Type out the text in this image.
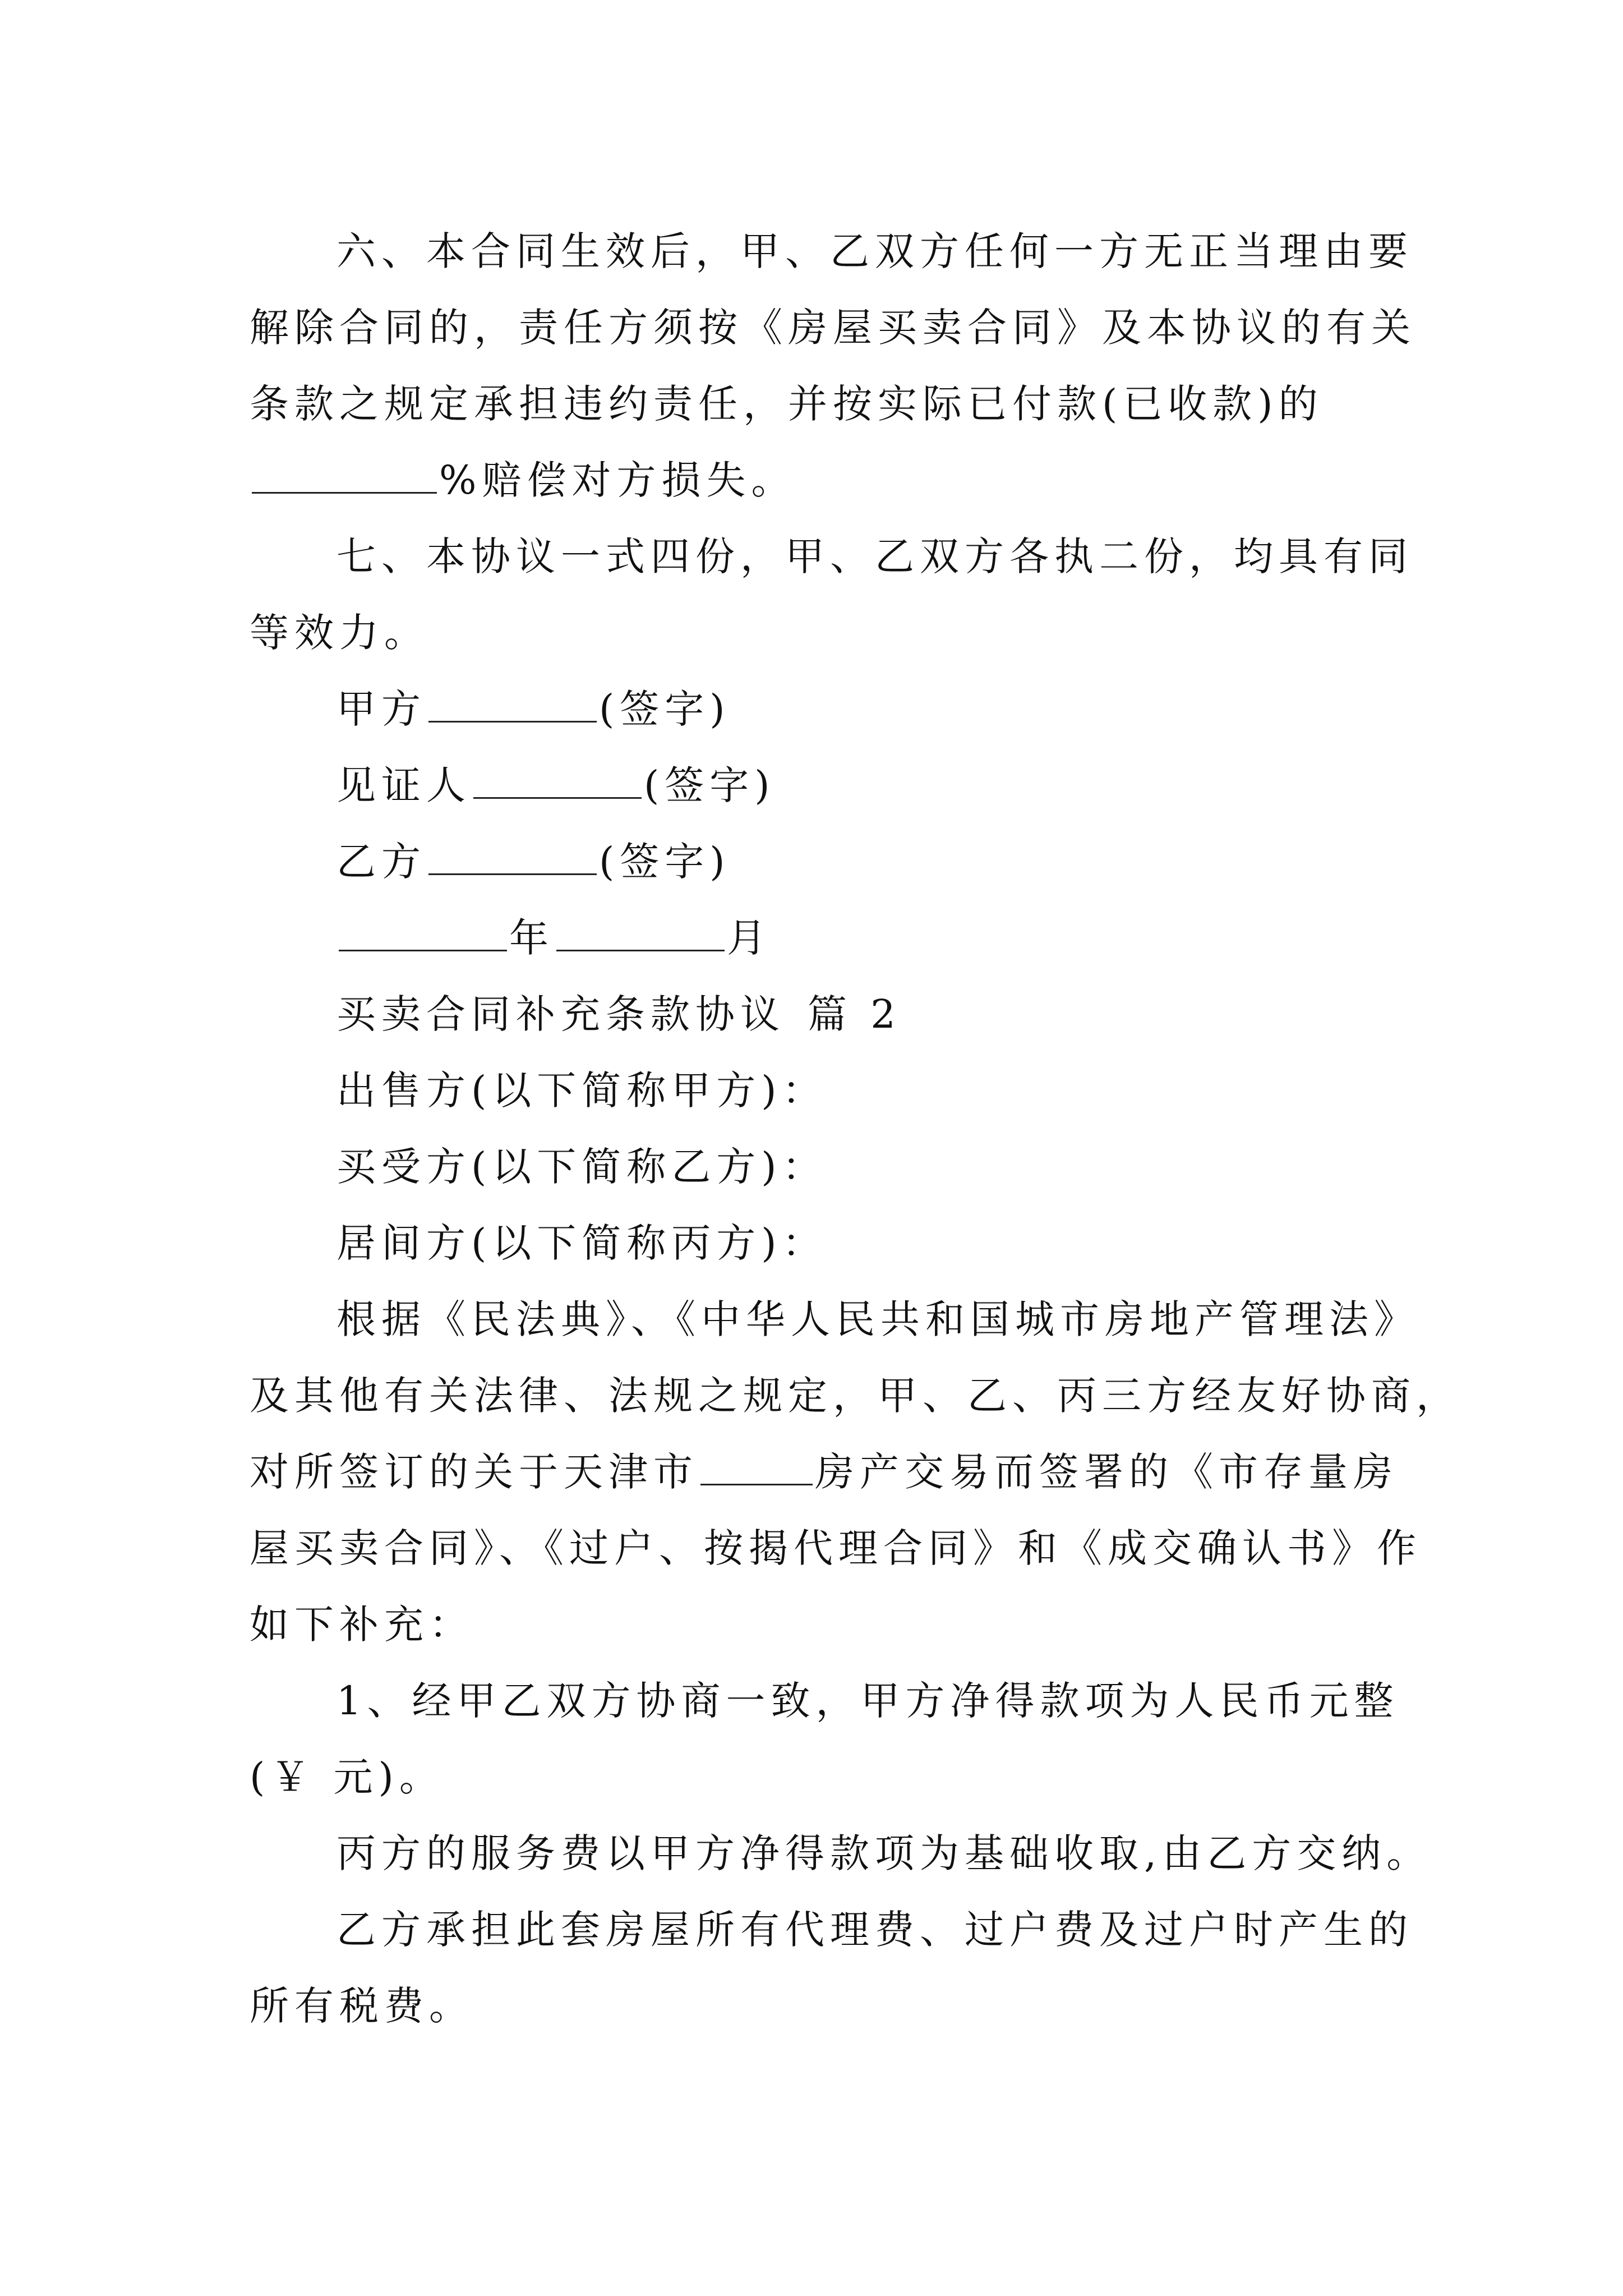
六、本合同生效后，甲、乙双方任何一方无正当理由要
解除合同的，责任方须按《房屋买卖合同》及本协议的有关
条款之规定承担违约责任，并按实际已付款(已收款)的
%赔偿对方损失。
七、本协议一式四份，甲、乙双方各执二份，均具有同
等效力。
甲方	(签字)
见证人	(签字)
乙方	(签字)
年	月
买卖合同补充条款协议 篇 2
出售方(以下简称甲方)：
买受方(以下简称乙方)：
居间方(以下简称丙方)：
根据《民法典》、《中华人民共和国城市房地产管理法》
及其他有关法律、法规之规定，甲、乙、丙三方经友好协商，
对所签订的关于天津市	房产交易而签署的《市存量房
屋买卖合同》、《过户、按揭代理合同》和《成交确认书》作
如下补充：
1、经甲乙双方协商一致，甲方净得款项为人民币元整
(￥ 元)。
丙方的服务费以甲方净得款项为基础收取,由乙方交纳。
乙方承担此套房屋所有代理费、过户费及过户时产生的
所有税费。
